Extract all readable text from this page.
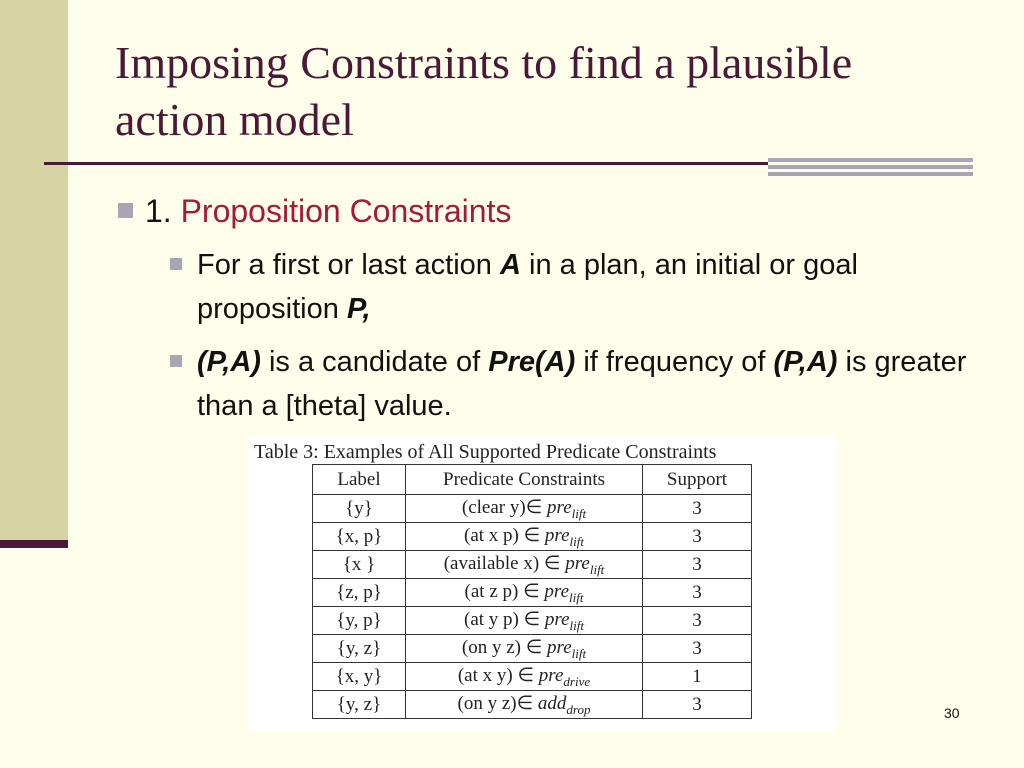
Imposing Constraints to find a plausible action model
1. Proposition Constraints
For a first or last action A in a plan, an initial or goal proposition P,
(P,A) is a candidate of Pre(A) if frequency of (P,A) is greater than a [theta] value.
Table 3: Examples of All Supported Predicate Constraints
Label	Predicate Constraints	Support
{y}	(clear y)∈ pre$_{lift}$	3
{x, p}	(at x p) ∈ pre$_{lift}$	3
{x }	(available x) ∈ pre$_{lift}$	3
{z, p}	(at z p) ∈ pre$_{lift}$	3
{y, p}	(at y p) ∈ pre$_{lift}$	3
{y, z}	(on y z) ∈ pre$_{lift}$	3
{x, y}	(at x y) ∈ pre$_{drive}$	1
{y, z}	(on y z)∈ add$_{drop}$	3	30
